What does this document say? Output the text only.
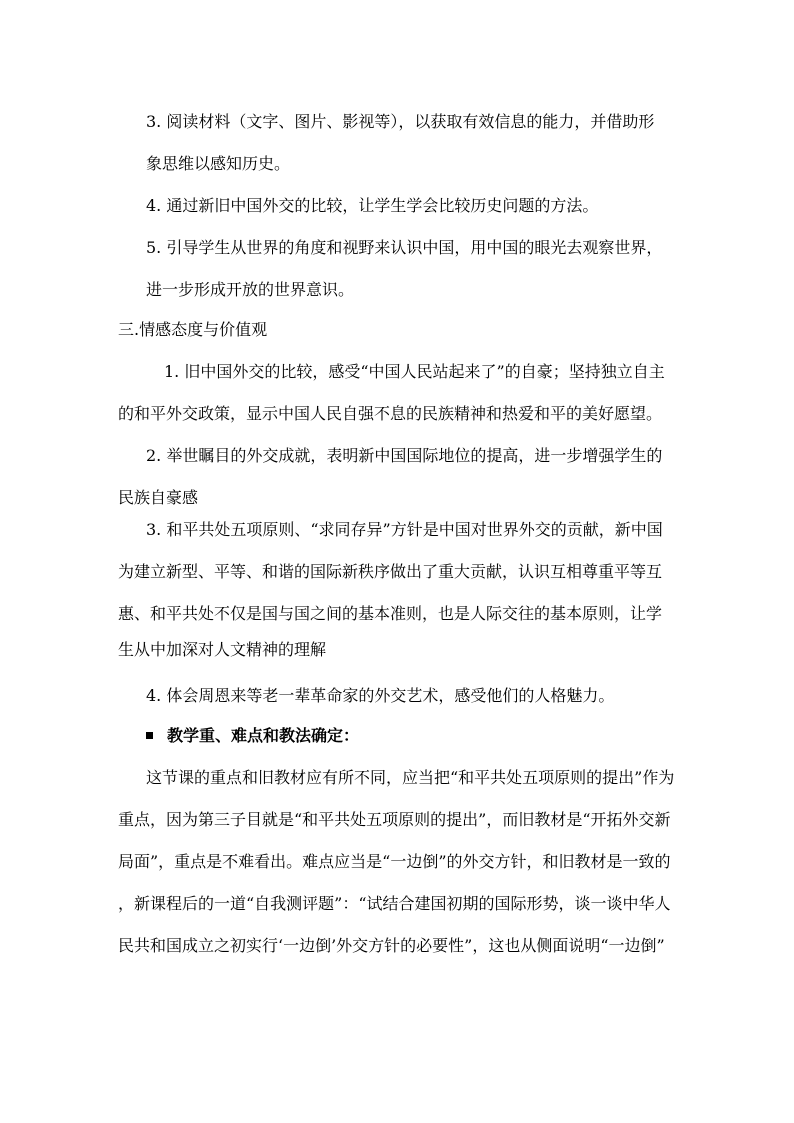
3. 阅读材料（文字、图片、影视等），以获取有效信息的能力，并借助形
象思维以感知历史。
4. 通过新旧中国外交的比较，让学生学会比较历史问题的方法。
5. 引导学生从世界的角度和视野来认识中国，用中国的眼光去观察世界，
进一步形成开放的世界意识。
三.情感态度与价值观
1. 旧中国外交的比较，感受“中国人民站起来了”的自豪；坚持独立自主
的和平外交政策，显示中国人民自强不息的民族精神和热爱和平的美好愿望。
2. 举世瞩目的外交成就，表明新中国国际地位的提高，进一步增强学生的
民族自豪感
3. 和平共处五项原则、“求同存异”方针是中国对世界外交的贡献，新中国
为建立新型、平等、和谐的国际新秩序做出了重大贡献，认识互相尊重平等互
惠、和平共处不仅是国与国之间的基本准则，也是人际交往的基本原则，让学
生从中加深对人文精神的理解
4. 体会周恩来等老一辈革命家的外交艺术，感受他们的人格魅力。
教学重、难点和教法确定：
这节课的重点和旧教材应有所不同，应当把“和平共处五项原则的提出”作为
重点，因为第三子目就是“和平共处五项原则的提出”，而旧教材是“开拓外交新
局面”，重点是不难看出。难点应当是“一边倒”的外交方针，和旧教材是一致的
，新课程后的一道“自我测评题”：“试结合建国初期的国际形势，谈一谈中华人
民共和国成立之初实行‘一边倒’外交方针的必要性”，这也从侧面说明“一边倒”
